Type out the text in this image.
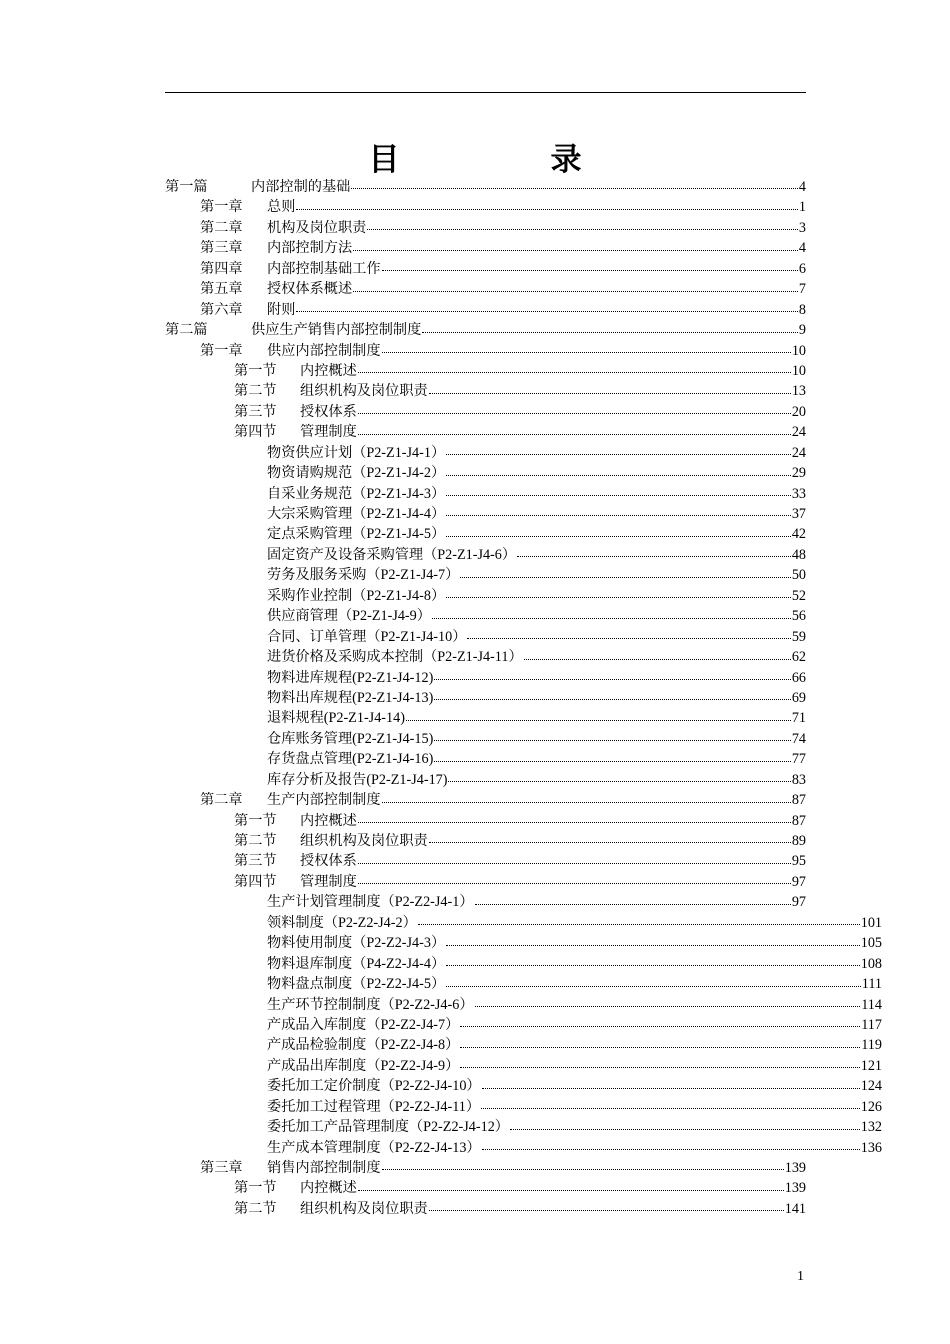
目　录
第一篇	内部控制的基础	4
第一章	总则	1
第二章	机构及岗位职责	3
第三章	内部控制方法	4
第四章	内部控制基础工作	6
第五章	授权体系概述	7
第六章	附则	8
第二篇	供应生产销售内部控制制度	9
第一章	供应内部控制制度	10
第一节	内控概述	10
第二节	组织机构及岗位职责	13
第三节	授权体系	20
第四节	管理制度	24
物资供应计划（P2-Z1-J4-1）	24
物资请购规范（P2-Z1-J4-2）	29
自采业务规范（P2-Z1-J4-3）	33
大宗采购管理（P2-Z1-J4-4）	37
定点采购管理（P2-Z1-J4-5）	42
固定资产及设备采购管理（P2-Z1-J4-6）	48
劳务及服务采购（P2-Z1-J4-7）	50
采购作业控制（P2-Z1-J4-8）	52
供应商管理（P2-Z1-J4-9）	56
合同、订单管理（P2-Z1-J4-10）	59
进货价格及采购成本控制（P2-Z1-J4-11）	62
物料进库规程(P2-Z1-J4-12)	66
物料出库规程(P2-Z1-J4-13)	69
退料规程(P2-Z1-J4-14)	71
仓库账务管理(P2-Z1-J4-15)	74
存货盘点管理(P2-Z1-J4-16)	77
库存分析及报告(P2-Z1-J4-17)	83
第二章	生产内部控制制度	87
第一节	内控概述	87
第二节	组织机构及岗位职责	89
第三节	授权体系	95
第四节	管理制度	97
生产计划管理制度（P2-Z2-J4-1）	97
领料制度（P2-Z2-J4-2）	101
物料使用制度（P2-Z2-J4-3）	105
物料退库制度（P4-Z2-J4-4）	108
物料盘点制度（P2-Z2-J4-5）	111
生产环节控制制度（P2-Z2-J4-6）	114
产成品入库制度（P2-Z2-J4-7）	117
产成品检验制度（P2-Z2-J4-8）	119
产成品出库制度（P2-Z2-J4-9）	121
委托加工定价制度（P2-Z2-J4-10）	124
委托加工过程管理（P2-Z2-J4-11）	126
委托加工产品管理制度（P2-Z2-J4-12）	132
生产成本管理制度（P2-Z2-J4-13）	136
第三章	销售内部控制制度	139
第一节	内控概述	139
第二节	组织机构及岗位职责	141
1
